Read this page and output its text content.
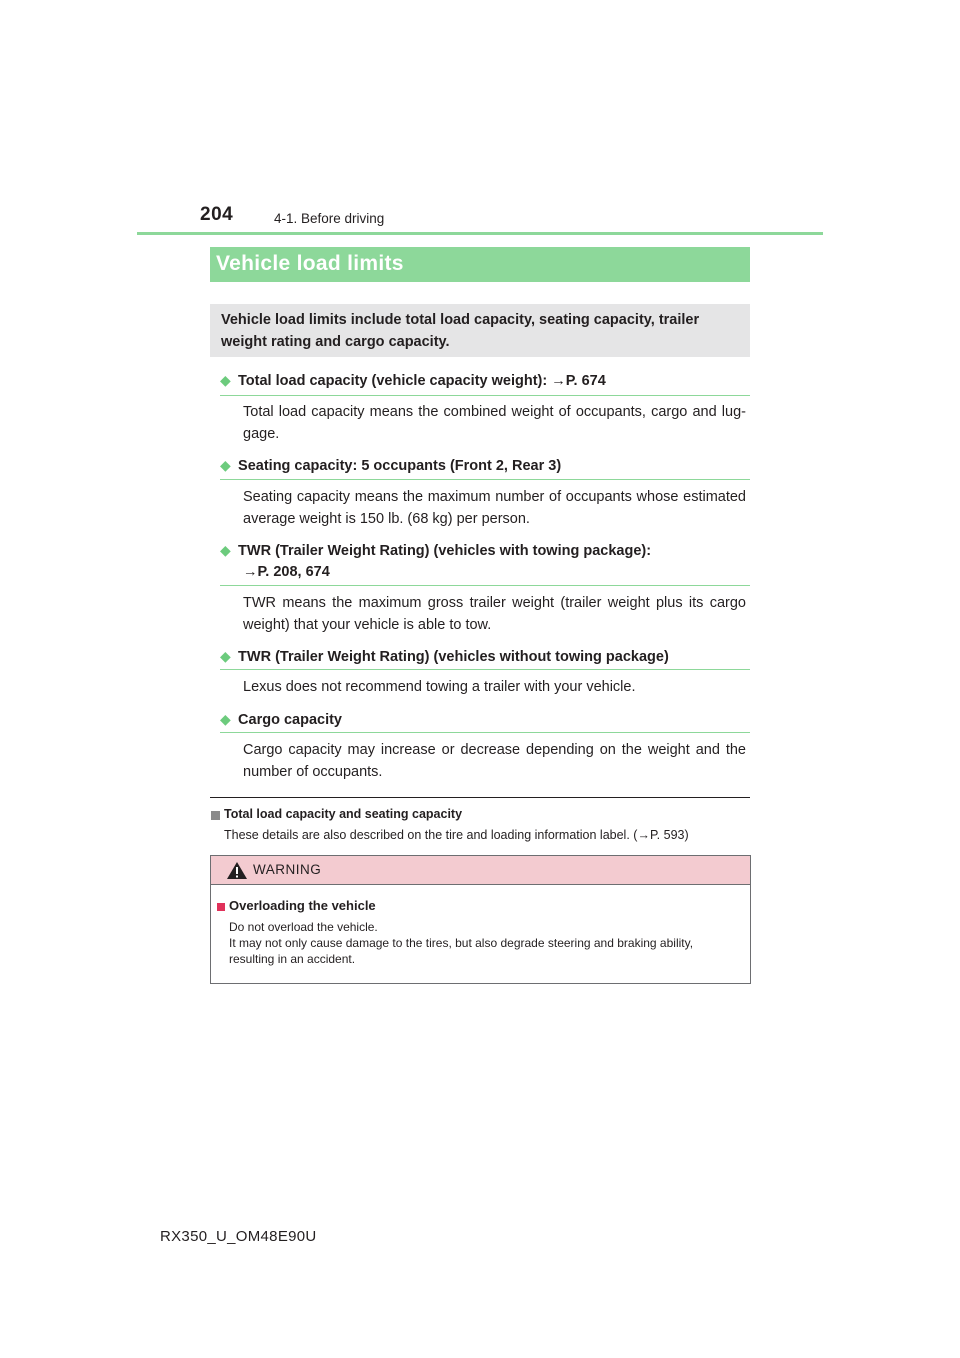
204	4-1. Before driving
Vehicle load limits
Vehicle load limits include total load capacity, seating capacity, trailer weight rating and cargo capacity.
◆ Total load capacity (vehicle capacity weight): →P. 674
Total load capacity means the combined weight of occupants, cargo and lug-gage.
◆ Seating capacity: 5 occupants (Front 2, Rear 3)
Seating capacity means the maximum number of occupants whose estimated average weight is 150 lb. (68 kg) per person.
◆ TWR (Trailer Weight Rating) (vehicles with towing package):
→P. 208, 674
TWR means the maximum gross trailer weight (trailer weight plus its cargo weight) that your vehicle is able to tow.
◆ TWR (Trailer Weight Rating) (vehicles without towing package)
Lexus does not recommend towing a trailer with your vehicle.
◆ Cargo capacity
Cargo capacity may increase or decrease depending on the weight and the number of occupants.
Total load capacity and seating capacity
These details are also described on the tire and loading information label. (→P. 593)
WARNING
Overloading the vehicle
Do not overload the vehicle.
It may not only cause damage to the tires, but also degrade steering and braking ability,
resulting in an accident.
RX350_U_OM48E90U
